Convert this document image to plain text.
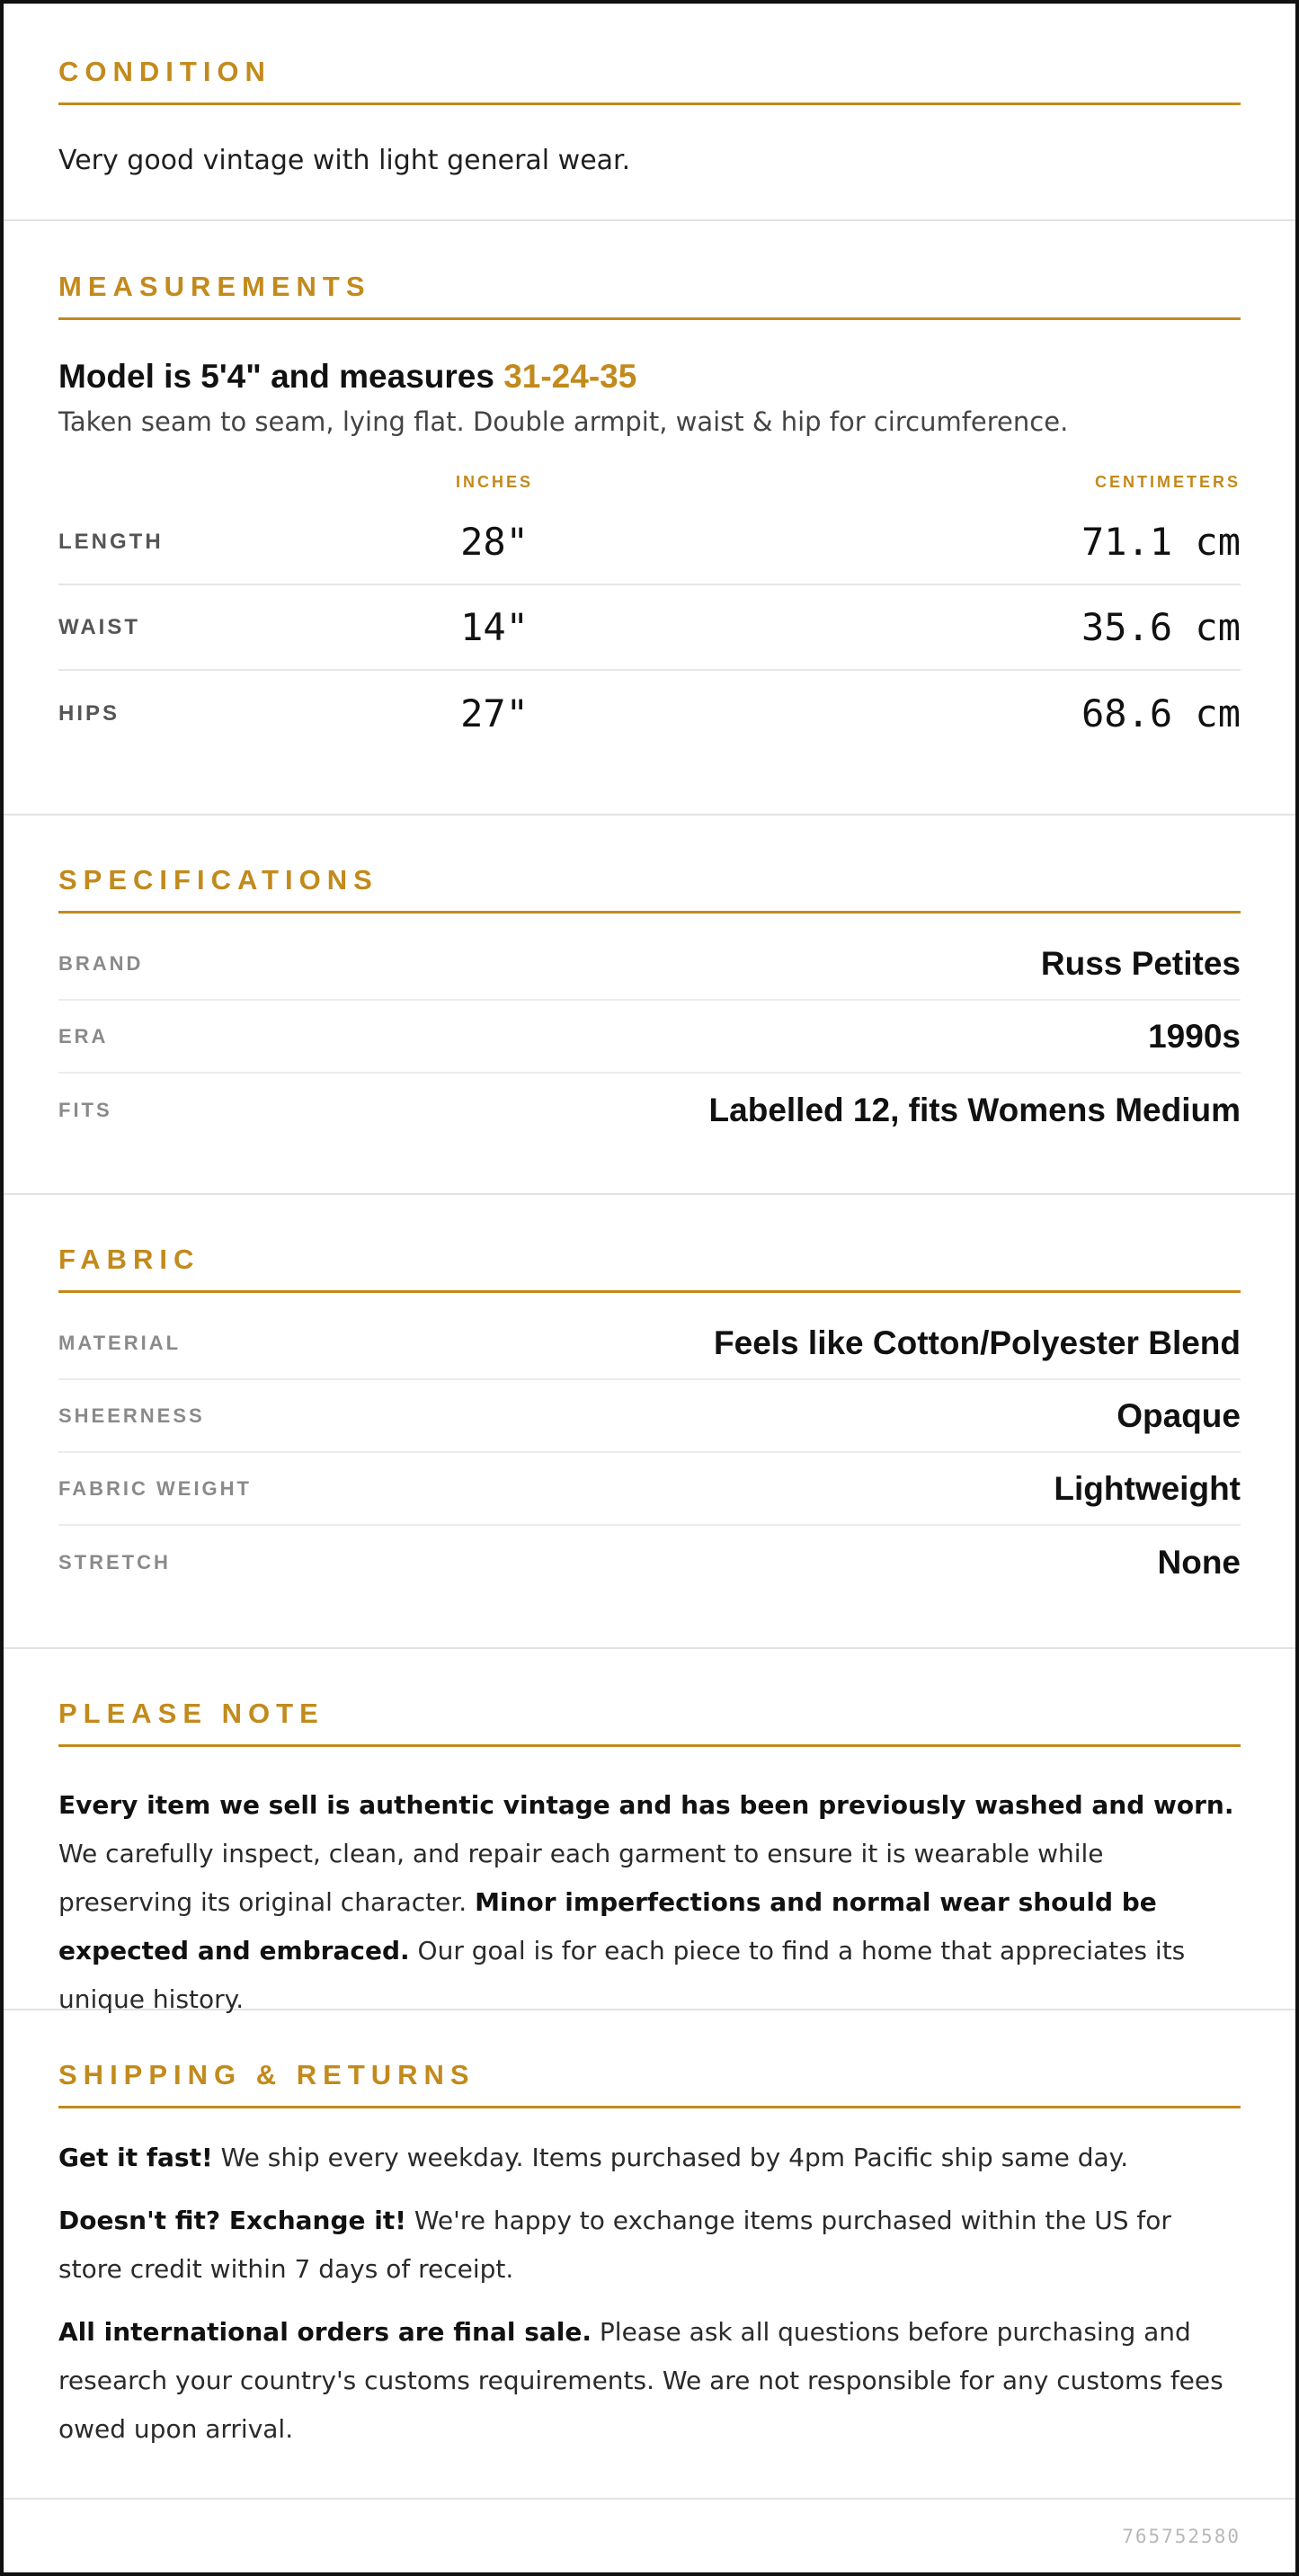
CONDITION
Very good vintage with light general wear.
MEASUREMENTS
Model is 5'4" and measures 31-24-35
Taken seam to seam, lying flat. Double armpit, waist & hip for circumference.
INCHES	CENTIMETERS
LENGTH	28"	71.1 cm
WAIST	14"	35.6 cm
HIPS	27"	68.6 cm
SPECIFICATIONS
BRAND	Russ Petites
ERA	1990s
FITS	Labelled 12, fits Womens Medium
FABRIC
MATERIAL	Feels like Cotton/Polyester Blend
SHEERNESS	Opaque
FABRIC WEIGHT	Lightweight
STRETCH	None
PLEASE NOTE
Every item we sell is authentic vintage and has been previously washed and worn. We carefully inspect, clean, and repair each garment to ensure it is wearable while preserving its original character. Minor imperfections and normal wear should be expected and embraced. Our goal is for each piece to find a home that appreciates its unique history.
SHIPPING & RETURNS

Get it fast! We ship every weekday. Items purchased by 4pm Pacific ship same day.

Doesn't fit? Exchange it! We're happy to exchange items purchased within the US for store credit within 7 days of receipt.

All international orders are final sale. Please ask all questions before purchasing and research your country's customs requirements. We are not responsible for any customs fees owed upon arrival.

765752580
